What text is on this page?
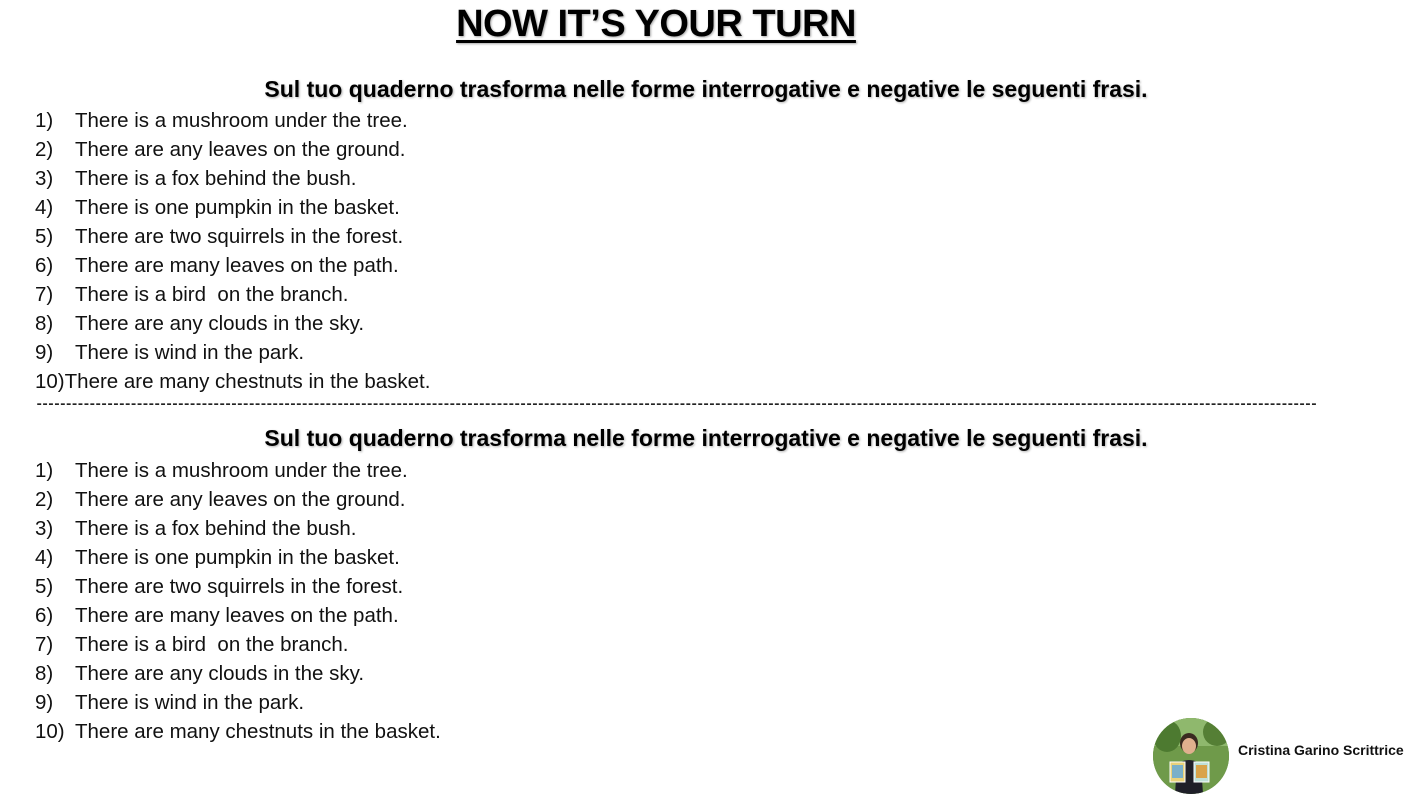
NOW IT’S YOUR TURN
Sul tuo quaderno trasforma nelle forme interrogative e negative le seguenti frasi.
1) There is a mushroom under the tree.
2) There are any leaves on the ground.
3) There is a fox behind the bush.
4) There is one pumpkin in the basket.
5) There are two squirrels in the forest.
6) There are many leaves on the path.
7) There is a bird  on the branch.
8) There are any clouds in the sky.
9) There is wind in the park.
10)There are many chestnuts in the basket.
-------------------------------------------------------------------------------------------------------------------------------------------------------------------------------------------------------------------------
Sul tuo quaderno trasforma nelle forme interrogative e negative le seguenti frasi.
1) There is a mushroom under the tree.
2) There are any leaves on the ground.
3) There is a fox behind the bush.
4) There is one pumpkin in the basket.
5) There are two squirrels in the forest.
6) There are many leaves on the path.
7) There is a bird  on the branch.
8) There are any clouds in the sky.
9) There is wind in the park.
10) There are many chestnuts in the basket.
Cristina Garino Scrittrice
